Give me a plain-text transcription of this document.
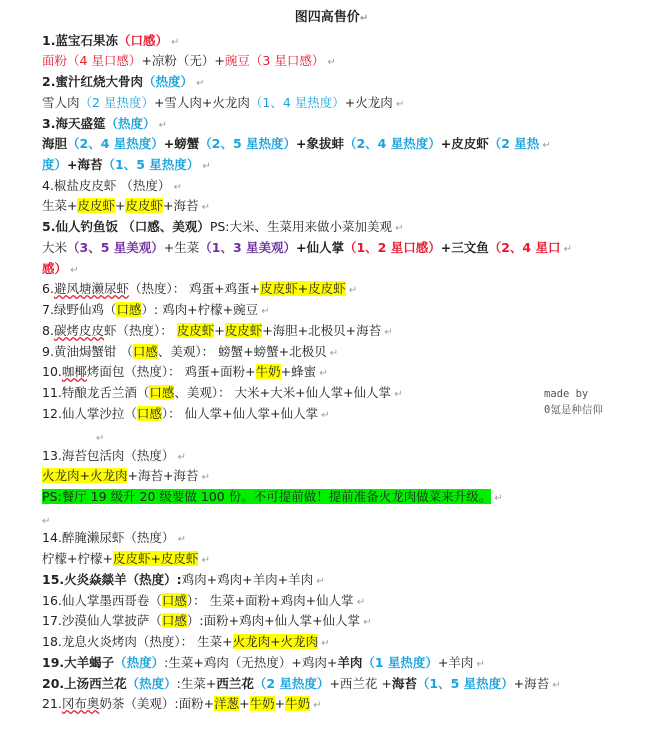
图四高售价↵
1.蓝宝石果冻（口感） ↵
面粉（4 星口感）+凉粉（无）+豌豆（3 星口感） ↵
2.蜜汁红烧大骨肉（热度） ↵
雪人肉（2 星热度）+雪人肉+火龙肉（1、4 星热度）+火龙肉 ↵
3.海天盛筵（热度） ↵
海胆（2、4 星热度）+螃蟹（2、5 星热度）+象拔蚌（2、4 星热度）+皮皮虾（2 星热 ↵
度）+海苔（1、5 星热度） ↵
4.椒盐皮皮虾 （热度） ↵
生菜+皮皮虾+皮皮虾+海苔 ↵
5.仙人钓鱼饭 （口感、美观）PS:大米、生菜用来做小菜加美观 ↵
大米（3、5 星美观）+生菜（1、3 星美观）+仙人掌（1、2 星口感）+三文鱼（2、4 星口 ↵
感） ↵
6.避风塘濑尿虾（热度）： 鸡蛋+鸡蛋+皮皮虾+皮皮虾 ↵
7.绿野仙鸡（口感）: 鸡肉+柠檬+豌豆 ↵
8.碳烤皮皮虾（热度）： 皮皮虾+皮皮虾+海胆+北极贝+海苔 ↵
9.黄油焗蟹钳 （口感、美观）： 螃蟹+螃蟹+北极贝 ↵
10.咖椰烤面包（热度）： 鸡蛋+面粉+牛奶+蜂蜜 ↵
11.特酿龙舌兰酒（口感、美观）： 大米+大米+仙人掌+仙人掌 ↵
12.仙人掌沙拉（口感）： 仙人掌+仙人掌+仙人掌 ↵
13.海苔包活肉（热度） ↵
火龙肉+火龙肉+海苔+海苔 ↵
PS:餐厅 19 级升 20 级要做 100 份。不可提前做！提前准备火龙肉做菜来升级。 ↵
14.醉腌濑尿虾（热度） ↵
柠檬+柠檬+皮皮虾+皮皮虾 ↵
15.火炎焱燚羊（热度）:鸡肉+鸡肉+羊肉+羊肉 ↵
16.仙人掌墨西哥卷（口感）： 生菜+面粉+鸡肉+仙人掌 ↵
17.沙漠仙人掌披萨（口感）:面粉+鸡肉+仙人掌+仙人掌 ↵
18.龙息火炎烤肉（热度）： 生菜+火龙肉+火龙肉 ↵
19.大羊蝎子（热度）:生菜+鸡肉（无热度）+鸡肉+羊肉（1 星热度）+羊肉 ↵
20.上汤西兰花（热度）:生菜+西兰花（2 星热度）+西兰花 +海苔（1、5 星热度）+海苔 ↵
21.冈布奥奶茶（美观）:面粉+洋葱+牛奶+牛奶 ↵
↵
↵
made by
0氪是种信仰
